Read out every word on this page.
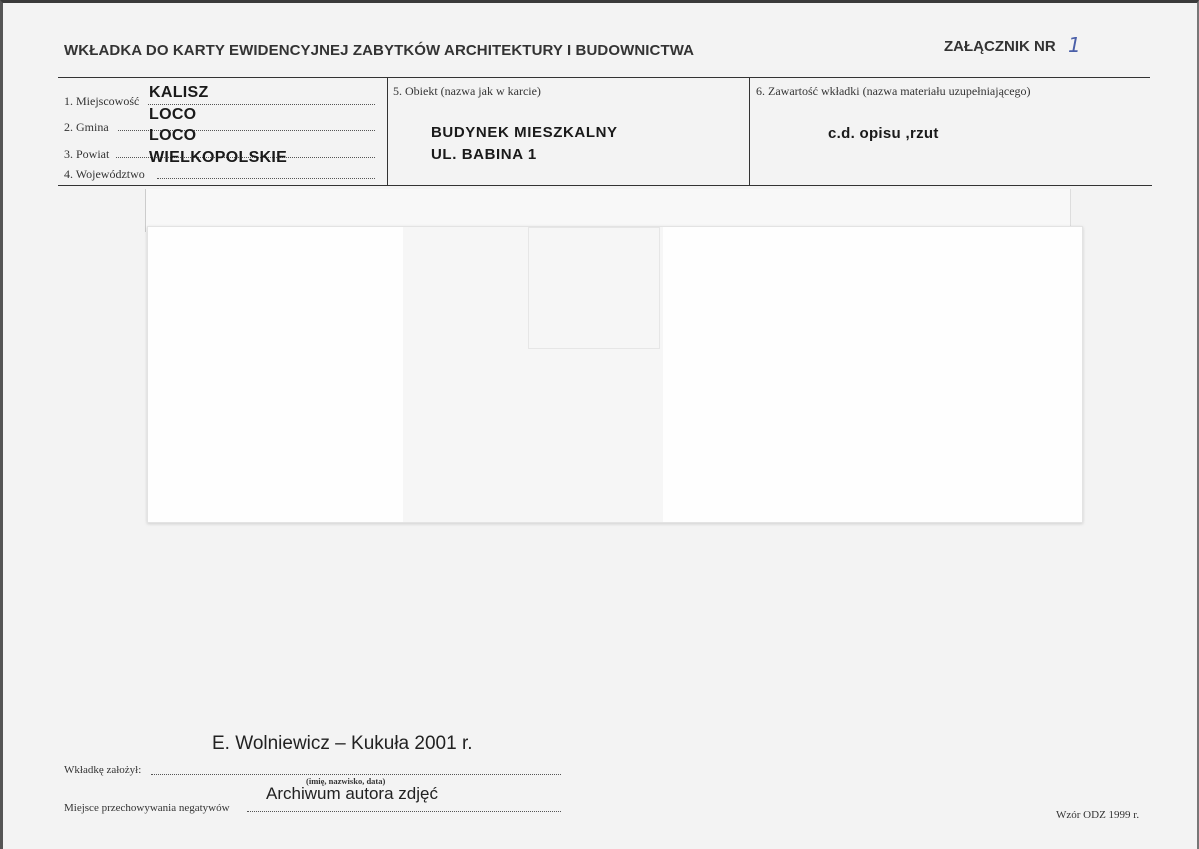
WKŁADKA DO KARTY EWIDENCYJNEJ ZABYTKÓW ARCHITEKTURY I BUDOWNICTWA	ZAŁĄCZNIK NR 1
1. Miejscowość KALISZ
2. Gmina
LOCO
3. Powiat
LOCO
4. Województwo
WIELKOPOLSKIE
5. Obiekt (nazwa jak w karcie)
BUDYNEK MIESZKALNY
UL. BABINA 1
6. Zawartość wkładki (nazwa materiału uzupełniającego)
c.d. opisu ,rzut
E. Wolniewicz – Kukuła 2001 r.
Wkładkę założył:
(imię, nazwisko, data)
Archiwum autora zdjęć
Miejsce przechowywania negatywów
Wzór ODZ 1999 r.
